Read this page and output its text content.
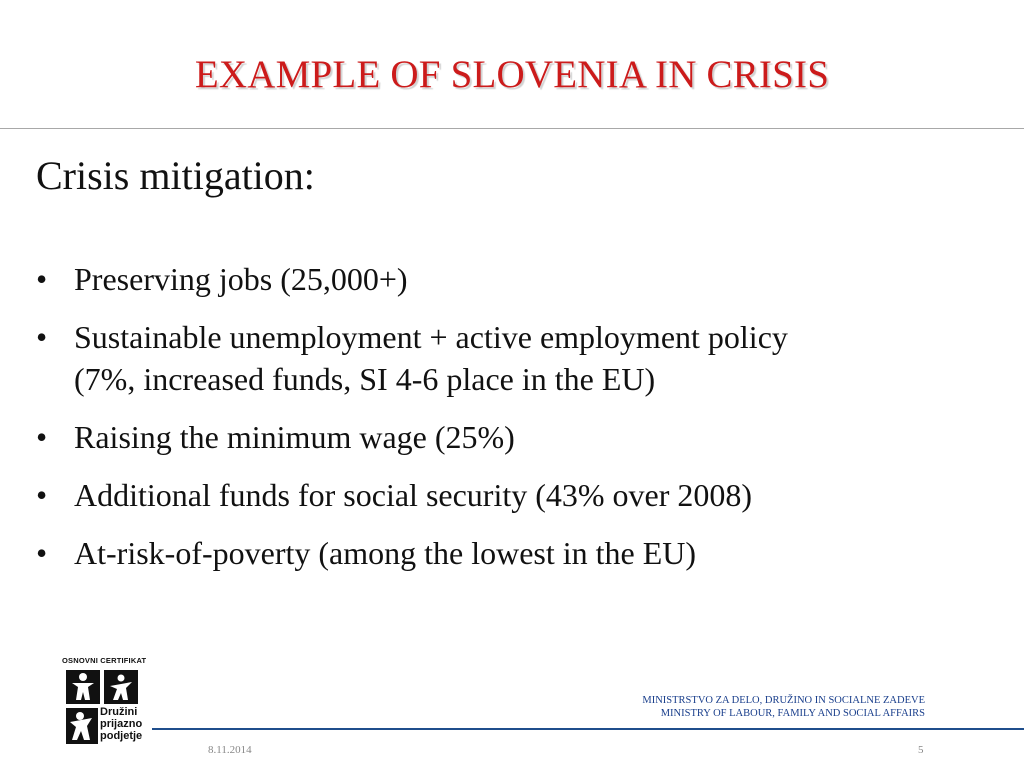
EXAMPLE OF SLOVENIA IN CRISIS
Crisis mitigation:
• Preserving jobs (25,000+)
• Sustainable unemployment + active employment policy
(7%, increased funds, SI 4-6 place in the EU)
• Raising the minimum wage (25%)
• Additional funds for social security (43% over 2008)
• At-risk-of-poverty (among the lowest in the EU)
OSNOVNI CERTIFIKAT
Družini
prijazno
podjetje
MINISTRSTVO ZA DELO, DRUŽINO IN SOCIALNE ZADEVE
MINISTRY OF LABOUR, FAMILY AND SOCIAL AFFAIRS
8.11.2014	5
